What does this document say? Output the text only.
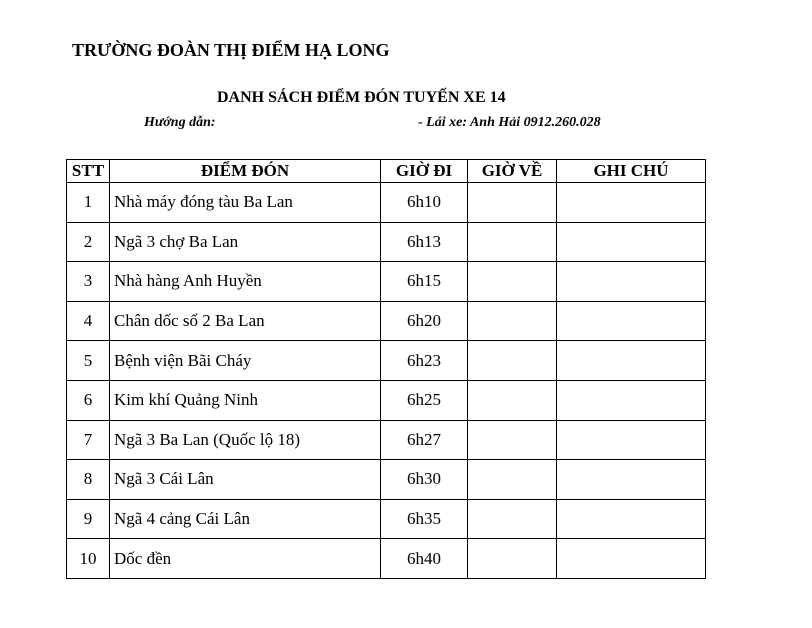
TRƯỜNG ĐOÀN THỊ ĐIỂM HẠ LONG
DANH SÁCH ĐIỂM ĐÓN TUYẾN XE 14
Hướng dẫn:	- Lái xe: Anh Hải 0912.260.028
STT	ĐIỂM ĐÓN	GIỜ ĐI	GIỜ VỀ	GHI CHÚ
1	Nhà máy đóng tàu Ba Lan	6h10		
2	Ngã 3 chợ Ba Lan	6h13		
3	Nhà hàng Anh Huyền	6h15		
4	Chân dốc số 2 Ba Lan	6h20		
5	Bệnh viện Bãi Cháy	6h23		
6	Kim khí Quảng Ninh	6h25		
7	Ngã 3 Ba Lan (Quốc lộ 18)	6h27		
8	Ngã 3 Cái Lân	6h30		
9	Ngã 4 cảng Cái Lân	6h35		
10	Dốc đền	6h40		
